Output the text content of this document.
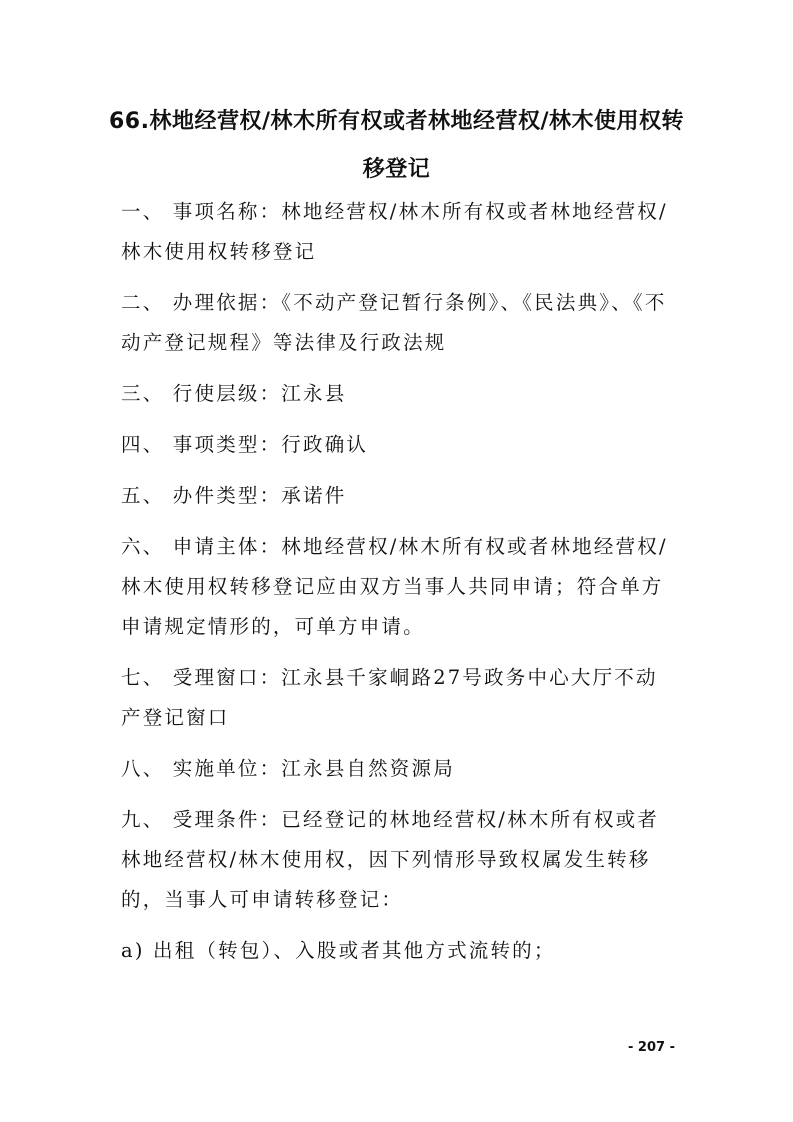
66.林地经营权/林木所有权或者林地经营权/林木使用权转移登记

一、 事项名称：林地经营权/林木所有权或者林地经营权/林木使用权转移登记

二、 办理依据：《不动产登记暂行条例》、《民法典》、《不动产登记规程》等法律及行政法规

三、 行使层级：江永县

四、 事项类型：行政确认

五、 办件类型：承诺件

六、 申请主体：林地经营权/林木所有权或者林地经营权/林木使用权转移登记应由双方当事人共同申请；符合单方申请规定情形的，可单方申请。

七、 受理窗口：江永县千家峒路27号政务中心大厅不动产登记窗口

八、 实施单位：江永县自然资源局

九、 受理条件：已经登记的林地经营权/林木所有权或者林地经营权/林木使用权，因下列情形导致权属发生转移的，当事人可申请转移登记：

a) 出租（转包）、入股或者其他方式流转的；

- 207 -
